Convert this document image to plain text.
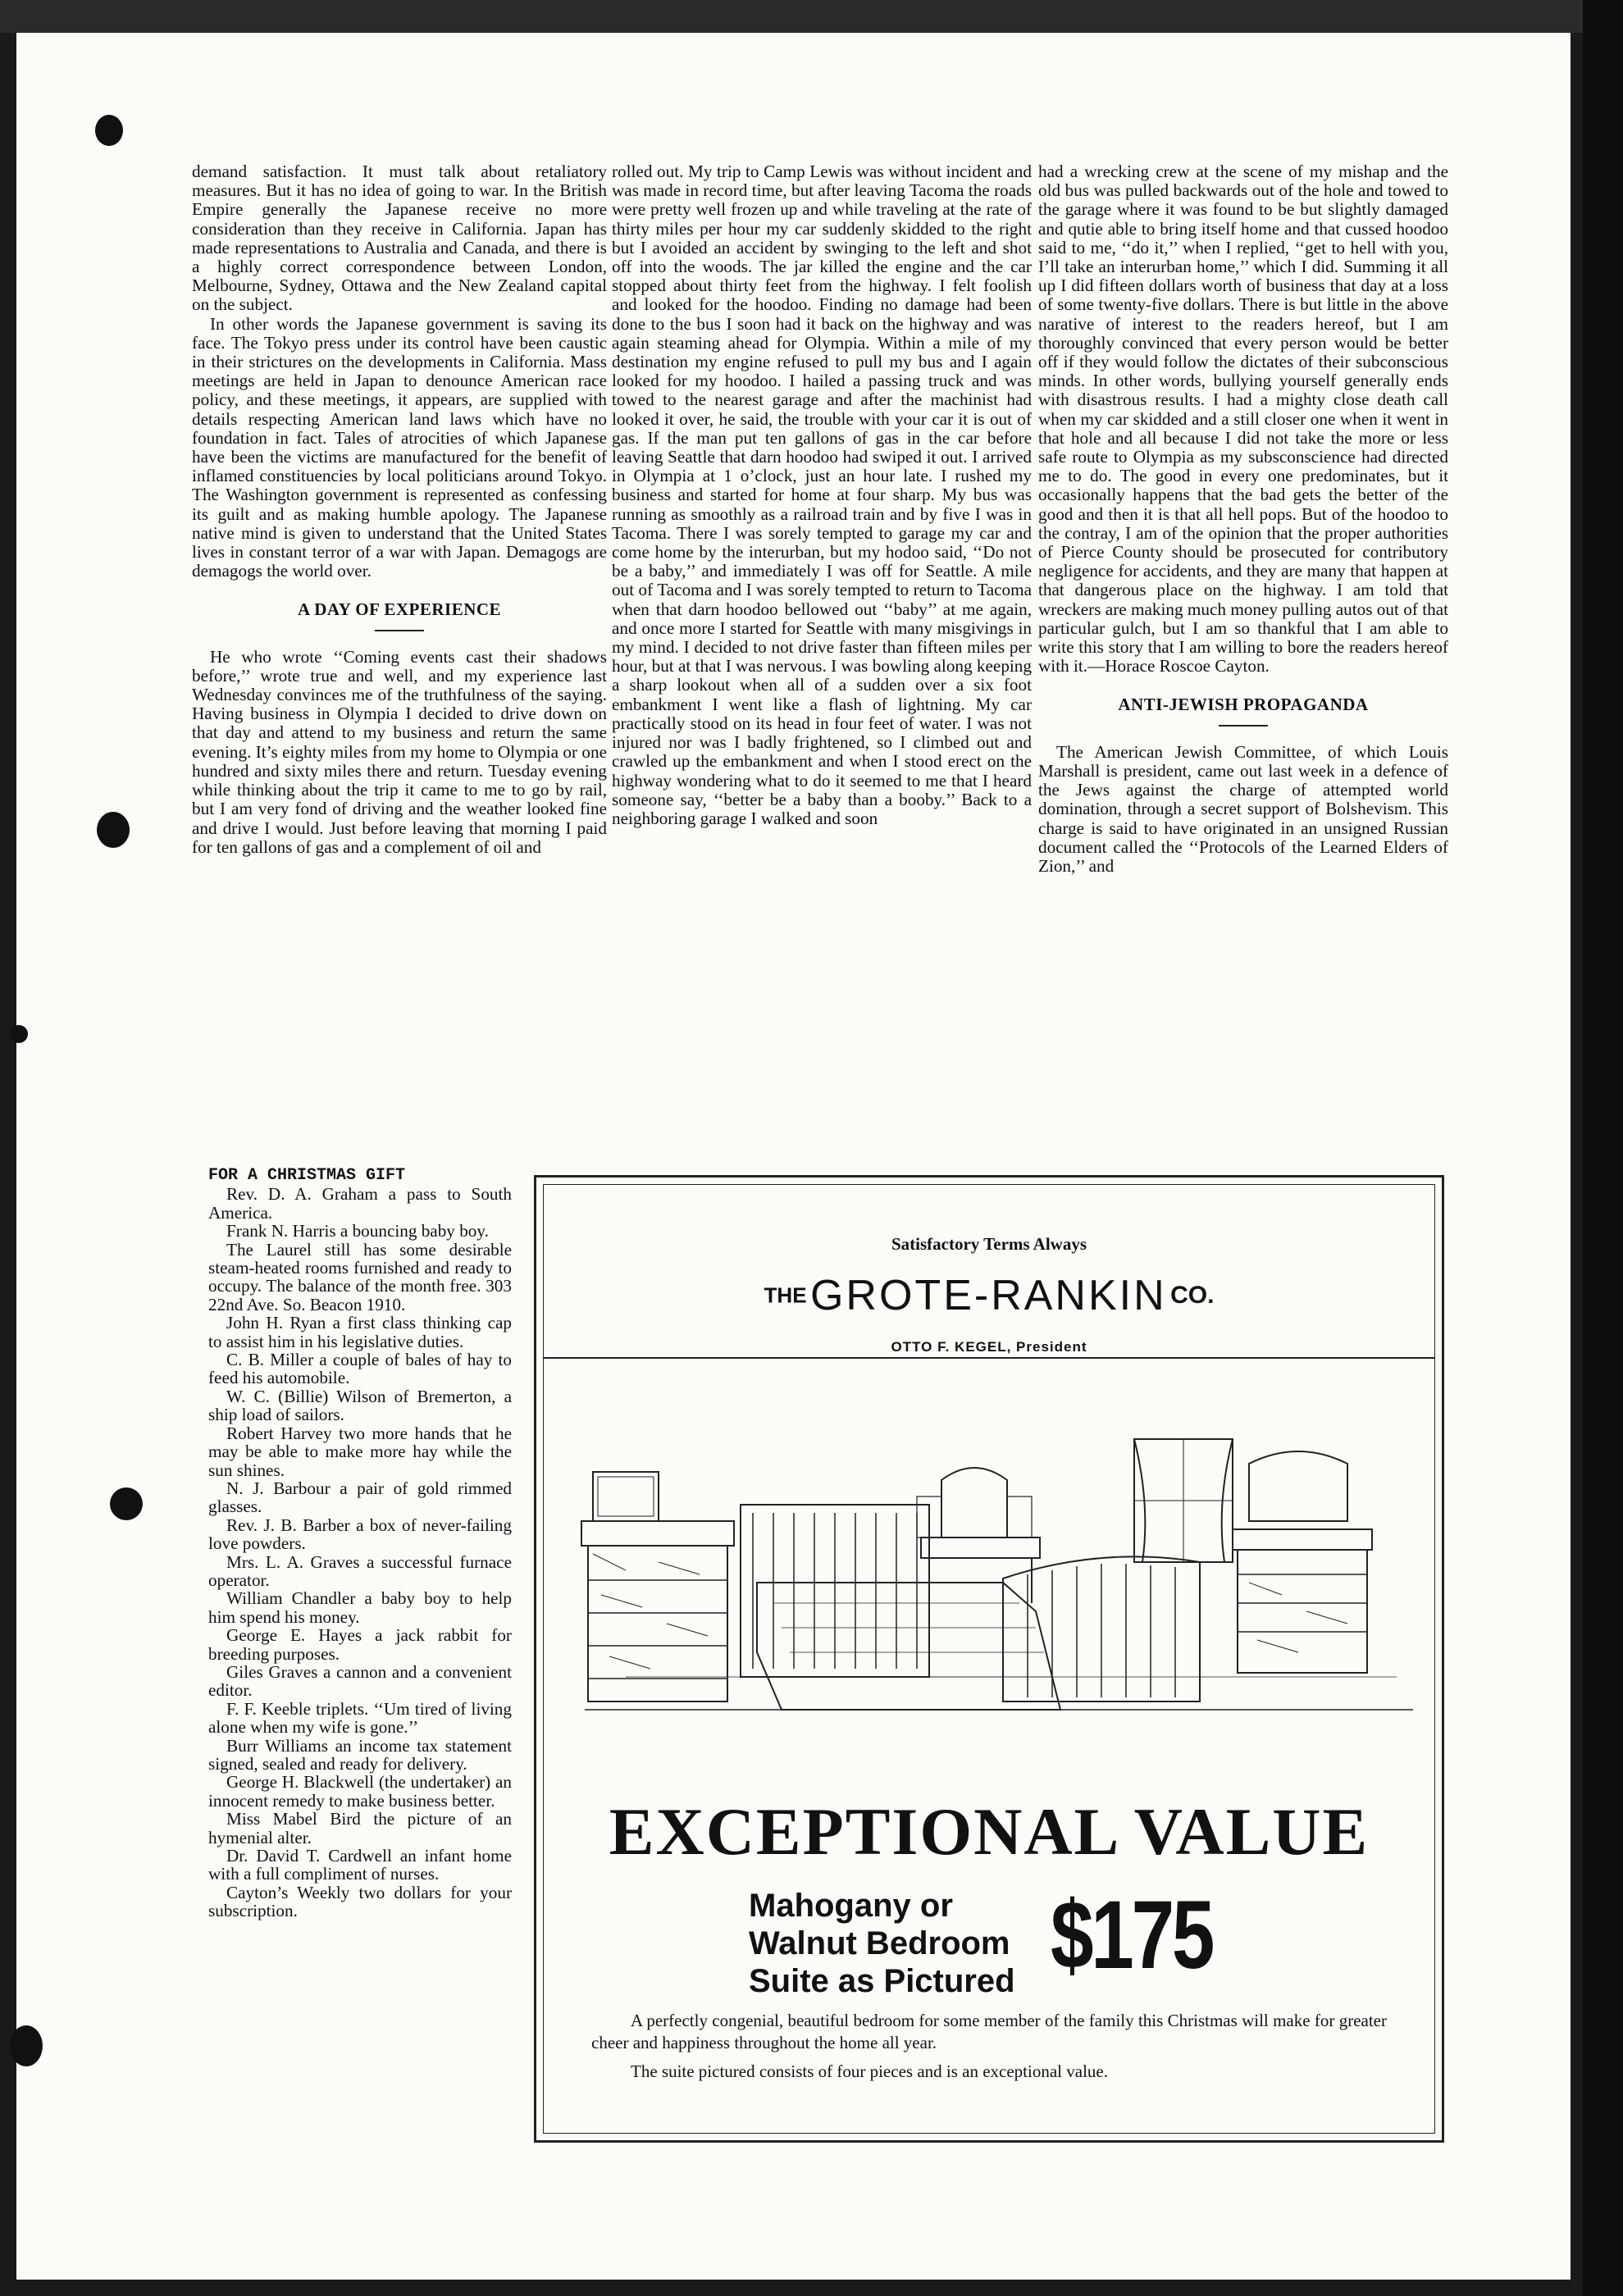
demand satisfaction. It must talk about retaliatory measures. But it has no idea of going to war. In the British Empire generally the Japanese receive no more consideration than they receive in California. Japan has made representations to Australia and Canada, and there is a highly correct correspondence between London, Melbourne, Sydney, Ottawa and the New Zealand capital on the subject.

In other words the Japanese government is saving its face. The Tokyo press under its control have been caustic in their strictures on the developments in California. Mass meetings are held in Japan to denounce American race policy, and these meetings, it appears, are supplied with details respecting American land laws which have no foundation in fact. Tales of atrocities of which Japanese have been the victims are manufactured for the benefit of inflamed constituencies by local politicians around Tokyo. The Washington government is represented as confessing its guilt and as making humble apology. The Japanese native mind is given to understand that the United States lives in constant terror of a war with Japan. Demagogs are demagogs the world over.

A DAY OF EXPERIENCE

He who wrote ‘‘Coming events cast their shadows before,’’ wrote true and well, and my experience last Wednesday convinces me of the truthfulness of the saying. Having business in Olympia I decided to drive down on that day and attend to my business and return the same evening. It’s eighty miles from my home to Olympia or one hundred and sixty miles there and return. Tuesday evening while thinking about the trip it came to me to go by rail, but I am very fond of driving and the weather looked fine and drive I would. Just before leaving that morning I paid for ten gallons of gas and a complement of oil and

rolled out. My trip to Camp Lewis was without incident and was made in record time, but after leaving Tacoma the roads were pretty well frozen up and while traveling at the rate of thirty miles per hour my car suddenly skidded to the right but I avoided an accident by swinging to the left and shot off into the woods. The jar killed the engine and the car stopped about thirty feet from the highway. I felt foolish and looked for the hoodoo. Finding no damage had been done to the bus I soon had it back on the highway and was again steaming ahead for Olympia. Within a mile of my destination my engine refused to pull my bus and I again looked for my hoodoo. I hailed a passing truck and was towed to the nearest garage and after the machinist had looked it over, he said, the trouble with your car it is out of gas. If the man put ten gallons of gas in the car before leaving Seattle that darn hoodoo had swiped it out. I arrived in Olympia at 1 o’clock, just an hour late. I rushed my business and started for home at four sharp. My bus was running as smoothly as a railroad train and by five I was in Tacoma. There I was sorely tempted to garage my car and come home by the interurban, but my hodoo said, ‘‘Do not be a baby,’’ and immediately I was off for Seattle. A mile out of Tacoma and I was sorely tempted to return to Tacoma when that darn hoodoo bellowed out ‘‘baby’’ at me again, and once more I started for Seattle with many misgivings in my mind. I decided to not drive faster than fifteen miles per hour, but at that I was nervous. I was bowling along keeping a sharp lookout when all of a sudden over a six foot embankment I went like a flash of lightning. My car practically stood on its head in four feet of water. I was not injured nor was I badly frightened, so I climbed out and crawled up the embankment and when I stood erect on the highway wondering what to do it seemed to me that I heard someone say, ‘‘better be a baby than a booby.’’ Back to a neighboring garage I walked and soon

had a wrecking crew at the scene of my mishap and the old bus was pulled backwards out of the hole and towed to the garage where it was found to be but slightly damaged and qutie able to bring itself home and that cussed hoodoo said to me, ‘‘do it,’’ when I replied, ‘‘get to hell with you, I’ll take an interurban home,’’ which I did. Summing it all up I did fifteen dollars worth of business that day at a loss of some twenty-five dollars. There is but little in the above narative of interest to the readers hereof, but I am thoroughly convinced that every person would be better off if they would follow the dictates of their subconscious minds. In other words, bullying yourself generally ends with disastrous results. I had a mighty close death call when my car skidded and a still closer one when it went in that hole and all because I did not take the more or less safe route to Olympia as my subsconscience had directed me to do. The good in every one predominates, but it occasionally happens that the bad gets the better of the good and then it is that all hell pops. But of the hoodoo to the contray, I am of the opinion that the proper authorities of Pierce County should be prosecuted for contributory negligence for accidents, and they are many that happen at that dangerous place on the highway. I am told that wreckers are making much money pulling autos out of that particular gulch, but I am so thankful that I am able to write this story that I am willing to bore the readers hereof with it.—Horace Roscoe Cayton.

ANTI-JEWISH PROPAGANDA

The American Jewish Committee, of which Louis Marshall is president, came out last week in a defence of the Jews against the charge of attempted world domination, through a secret support of Bolshevism. This charge is said to have originated in an unsigned Russian document called the ‘‘Protocols of the Learned Elders of Zion,’’ and

FOR A CHRISTMAS GIFT

Rev. D. A. Graham a pass to South America.

Frank N. Harris a bouncing baby boy.

The Laurel still has some desirable steam-heated rooms furnished and ready to occupy. The balance of the month free. 303 22nd Ave. So. Beacon 1910.

John H. Ryan a first class thinking cap to assist him in his legislative duties.

C. B. Miller a couple of bales of hay to feed his automobile.

W. C. (Billie) Wilson of Bremerton, a ship load of sailors.

Robert Harvey two more hands that he may be able to make more hay while the sun shines.

N. J. Barbour a pair of gold rimmed glasses.

Rev. J. B. Barber a box of never-failing love powders.

Mrs. L. A. Graves a successful furnace operator.

William Chandler a baby boy to help him spend his money.

George E. Hayes a jack rabbit for breeding purposes.

Giles Graves a cannon and a convenient editor.

F. F. Keeble triplets. ‘‘Um tired of living alone when my wife is gone.’’

Burr Williams an income tax statement signed, sealed and ready for delivery.

George H. Blackwell (the undertaker) an innocent remedy to make business better.

Miss Mabel Bird the picture of an hymenial alter.

Dr. David T. Cardwell an infant home with a full compliment of nurses.

Cayton’s Weekly two dollars for your subscription.

Satisfactory Terms Always
THE GROTE-RANKIN CO.
OTTO F. KEGEL, President
EXCEPTIONAL VALUE
Mahogany or
Walnut Bedroom
Suite as Pictured $175

A perfectly congenial, beautiful bedroom for some member of the family this Christmas will make for greater cheer and happiness throughout the home all year.

The suite pictured consists of four pieces and is an exceptional value.
